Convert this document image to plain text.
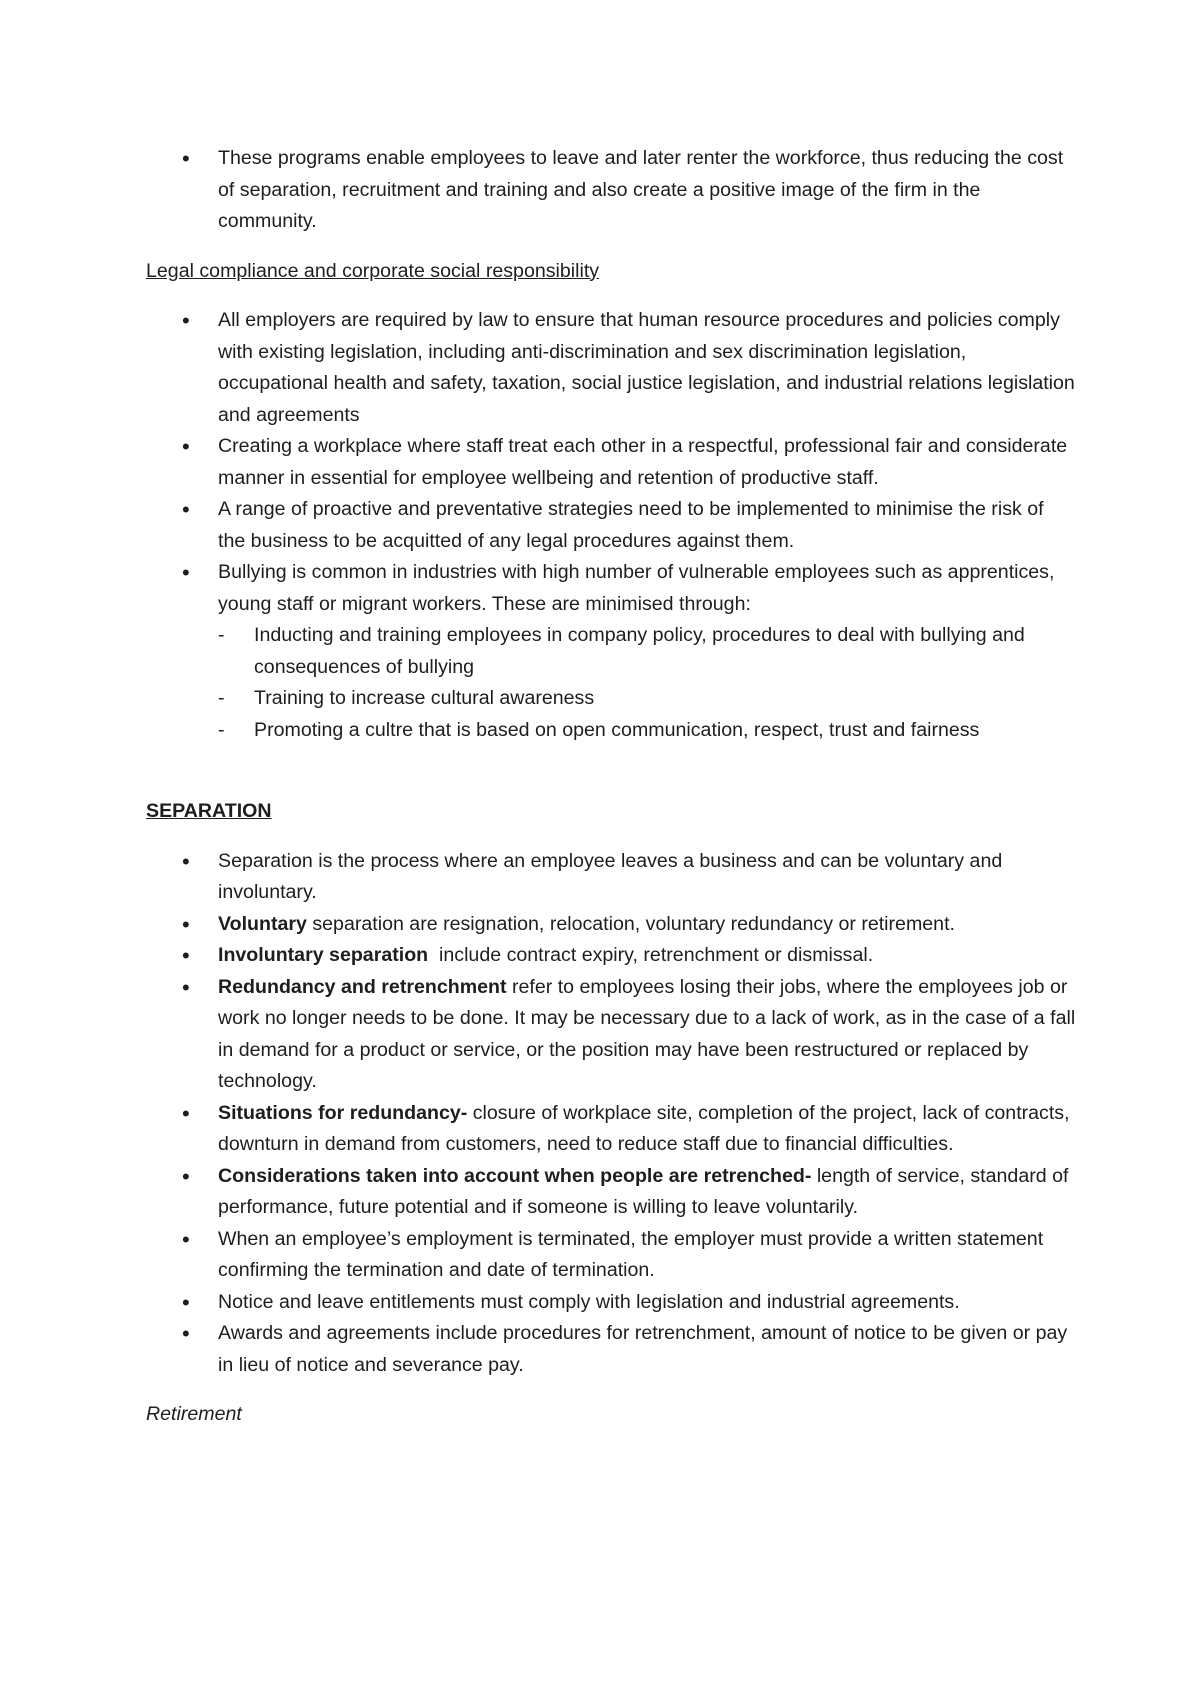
• These programs enable employees to leave and later renter the workforce, thus reducing the cost of separation, recruitment and training and also create a positive image of the firm in the community.
Legal compliance and corporate social responsibility
• All employers are required by law to ensure that human resource procedures and policies comply with existing legislation, including anti-discrimination and sex discrimination legislation, occupational health and safety, taxation, social justice legislation, and industrial relations legislation and agreements
• Creating a workplace where staff treat each other in a respectful, professional fair and considerate manner in essential for employee wellbeing and retention of productive staff.
• A range of proactive and preventative strategies need to be implemented to minimise the risk of the business to be acquitted of any legal procedures against them.
• Bullying is common in industries with high number of vulnerable employees such as apprentices, young staff or migrant workers. These are minimised through:
- Inducting and training employees in company policy, procedures to deal with bullying and consequences of bullying
- Training to increase cultural awareness
- Promoting a cultre that is based on open communication, respect, trust and fairness
SEPARATION
• Separation is the process where an employee leaves a business and can be voluntary and involuntary.
• Voluntary separation are resignation, relocation, voluntary redundancy or retirement.
• Involuntary separation  include contract expiry, retrenchment or dismissal.
• Redundancy and retrenchment refer to employees losing their jobs, where the employees job or work no longer needs to be done. It may be necessary due to a lack of work, as in the case of a fall in demand for a product or service, or the position may have been restructured or replaced by technology.
• Situations for redundancy- closure of workplace site, completion of the project, lack of contracts, downturn in demand from customers, need to reduce staff due to financial difficulties.
• Considerations taken into account when people are retrenched- length of service, standard of performance, future potential and if someone is willing to leave voluntarily.
• When an employee’s employment is terminated, the employer must provide a written statement confirming the termination and date of termination.
• Notice and leave entitlements must comply with legislation and industrial agreements.
• Awards and agreements include procedures for retrenchment, amount of notice to be given or pay in lieu of notice and severance pay.
Retirement
